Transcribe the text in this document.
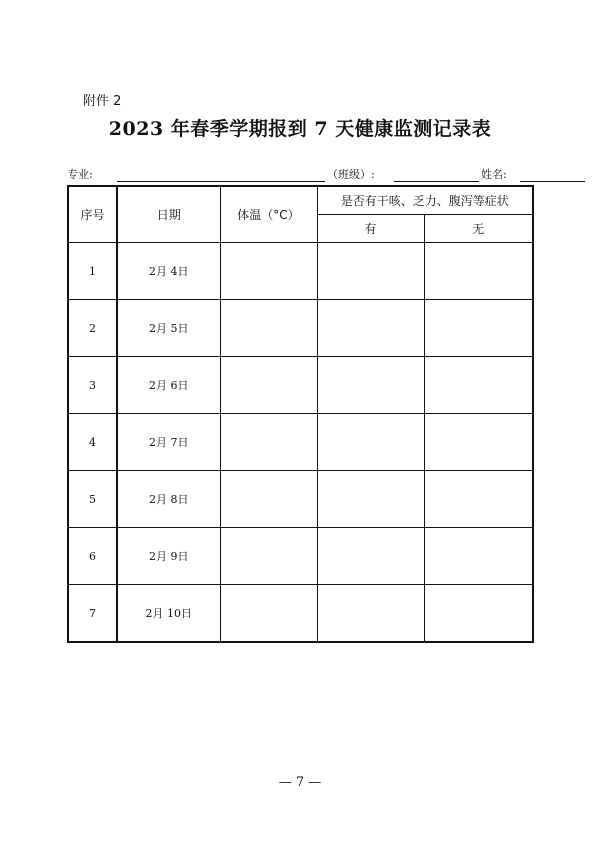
附件 2
2023 年春季学期报到 7 天健康监测记录表
专业:	（班级）:	姓名:
序号	日期	体温（°C）	是否有干咳、乏力、腹泻等症状	
			有	无
1	2月 4日			
2	2月 5日			
3	2月 6日			
4	2月 7日			
5	2月 8日			
6	2月 9日			
7	2月 10日			
— 7 —
